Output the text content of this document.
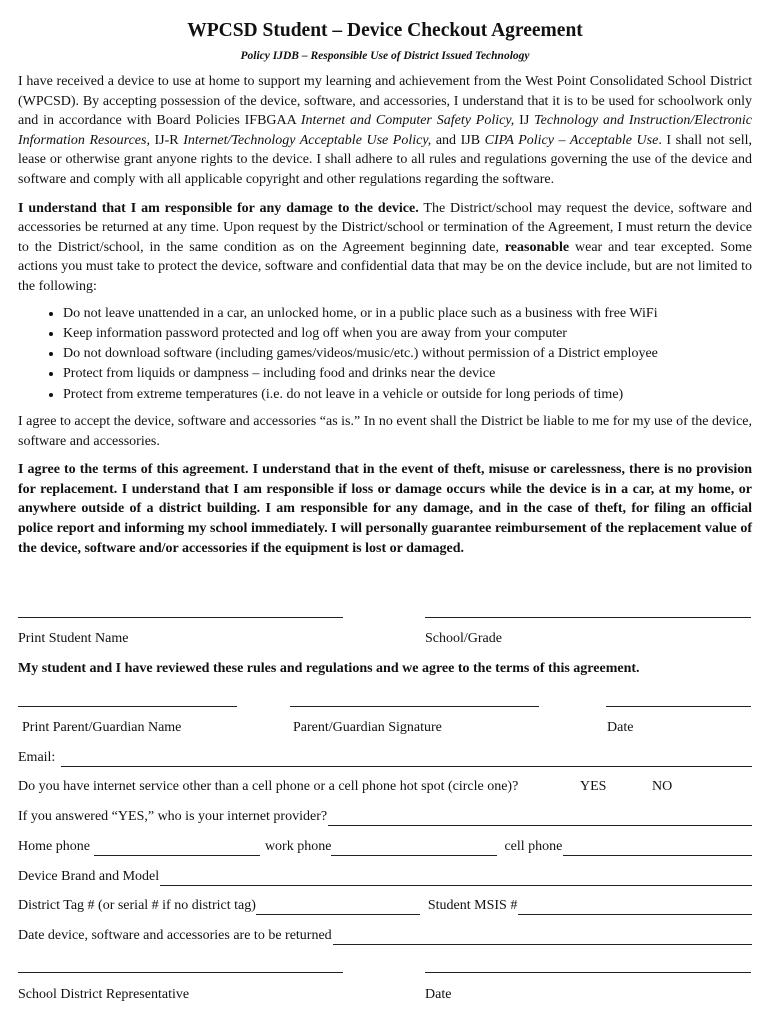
WPCSD Student – Device Checkout Agreement
Policy IJDB – Responsible Use of District Issued Technology

I have received a device to use at home to support my learning and achievement from the West Point Consolidated School District (WPCSD). By accepting possession of the device, software, and accessories, I understand that it is to be used for schoolwork only and in accordance with Board Policies IFBGAA Internet and Computer Safety Policy, IJ Technology and Instruction/Electronic Information Resources, IJ-R Internet/Technology Acceptable Use Policy, and IJB CIPA Policy – Acceptable Use. I shall not sell, lease or otherwise grant anyone rights to the device. I shall adhere to all rules and regulations governing the use of the device and software and comply with all applicable copyright and other regulations regarding the software.

I understand that I am responsible for any damage to the device. The District/school may request the device, software and accessories be returned at any time. Upon request by the District/school or termination of the Agreement, I must return the device to the District/school, in the same condition as on the Agreement beginning date, reasonable wear and tear excepted. Some actions you must take to protect the device, software and confidential data that may be on the device include, but are not limited to the following:

• Do not leave unattended in a car, an unlocked home, or in a public place such as a business with free WiFi
• Keep information password protected and log off when you are away from your computer
• Do not download software (including games/videos/music/etc.) without permission of a District employee
• Protect from liquids or dampness – including food and drinks near the device
• Protect from extreme temperatures (i.e. do not leave in a vehicle or outside for long periods of time)

I agree to accept the device, software and accessories “as is.” In no event shall the District be liable to me for my use of the device, software and accessories.

I agree to the terms of this agreement. I understand that in the event of theft, misuse or carelessness, there is no provision for replacement. I understand that I am responsible if loss or damage occurs while the device is in a car, at my home, or anywhere outside of a district building. I am responsible for any damage, and in the case of theft, for filing an official police report and informing my school immediately. I will personally guarantee reimbursement of the replacement value of the device, software and/or accessories if the equipment is lost or damaged.

Print Student Name	School/Grade
My student and I have reviewed these rules and regulations and we agree to the terms of this agreement.
Print Parent/Guardian Name	Parent/Guardian Signature	Date
Email:
Do you have internet service other than a cell phone or a cell phone hot spot (circle one)?	YES	NO
If you answered “YES,” who is your internet provider?
Home phone	work phone	cell phone
Device Brand and Model
District Tag # (or serial # if no district tag)	Student MSIS #
Date device, software and accessories are to be returned
School District Representative	Date
